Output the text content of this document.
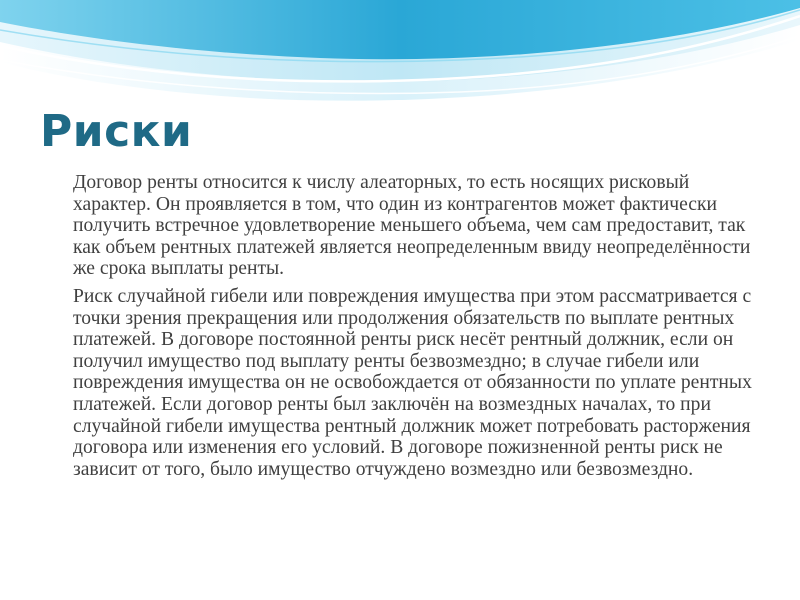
Риски

Договор ренты относится к числу алеаторных, то есть носящих рисковый характер. Он проявляется в том, что один из контрагентов может фактически получить встречное удовлетворение меньшего объема, чем сам предоставит, так как объем рентных платежей является неопределенным ввиду неопределённости же срока выплаты ренты.

Риск случайной гибели или повреждения имущества при этом рассматривается с точки зрения прекращения или продолжения обязательств по выплате рентных платежей. В договоре постоянной ренты риск несёт рентный должник, если он получил имущество под выплату ренты безвозмездно; в случае гибели или повреждения имущества он не освобождается от обязанности по уплате рентных платежей. Если договор ренты был заключён на возмездных началах, то при случайной гибели имущества рентный должник может потребовать расторжения договора или изменения его условий. В договоре пожизненной ренты риск не зависит от того, было имущество отчуждено возмездно или безвозмездно.
